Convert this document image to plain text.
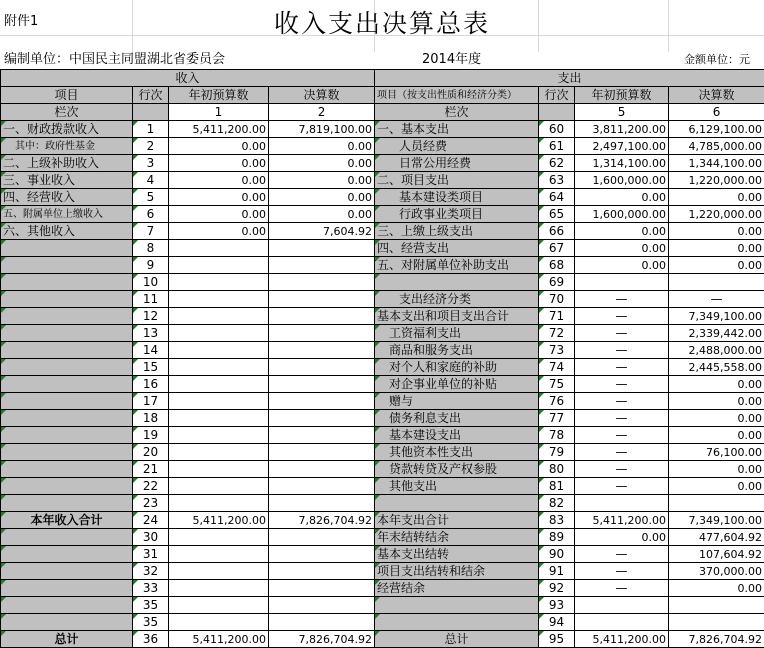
附件1	收入支出决算总表
编制单位：中国民主同盟湖北省委员会	2014年度	金额单位：元
收入				支出			
项目	行次	年初预算数	决算数	项目（按支出性质和经济分类）	行次	年初预算数	决算数
栏次		1	2	栏次		5	6
一、财政拨款收入	1	5,411,200.00	7,819,100.00	一、基本支出	60	3,811,200.00	6,129,100.00
其中：政府性基金	2	0.00	0.00	人员经费	61	2,497,100.00	4,785,000.00
二、上级补助收入	3	0.00	0.00	日常公用经费	62	1,314,100.00	1,344,100.00
三、事业收入	4	0.00	0.00	二、项目支出	63	1,600,000.00	1,220,000.00
四、经营收入	5	0.00	0.00	基本建设类项目	64	0.00	0.00
五、附属单位上缴收入	6	0.00	0.00	行政事业类项目	65	1,600,000.00	1,220,000.00
六、其他收入	7	0.00	7,604.92	三、上缴上级支出	66	0.00	0.00
	8			四、经营支出	67	0.00	0.00
	9			五、对附属单位补助支出	68	0.00	0.00
	10				69		
	11			支出经济分类	70	—	—
	12			基本支出和项目支出合计	71	—	7,349,100.00
	13			工资福利支出	72	—	2,339,442.00
	14			商品和服务支出	73	—	2,488,000.00
	15			对个人和家庭的补助	74	—	2,445,558.00
	16			对企事业单位的补贴	75	—	0.00
	17			赠与	76	—	0.00
	18			债务利息支出	77	—	0.00
	19			基本建设支出	78	—	0.00
	20			其他资本性支出	79	—	76,100.00
	21			贷款转贷及产权参股	80	—	0.00
	22			其他支出	81	—	0.00
	23				82		
本年收入合计	24	5,411,200.00	7,826,704.92	本年支出合计	83	5,411,200.00	7,349,100.00
	30			年末结转结余	89	0.00	477,604.92
	31			基本支出结转	90	—	107,604.92
	32			项目支出结转和结余	91	—	370,000.00
	33			经营结余	92	—	0.00
	35				93		
	35				94		
总计	36	5,411,200.00	7,826,704.92	总计	95	5,411,200.00	7,826,704.92
